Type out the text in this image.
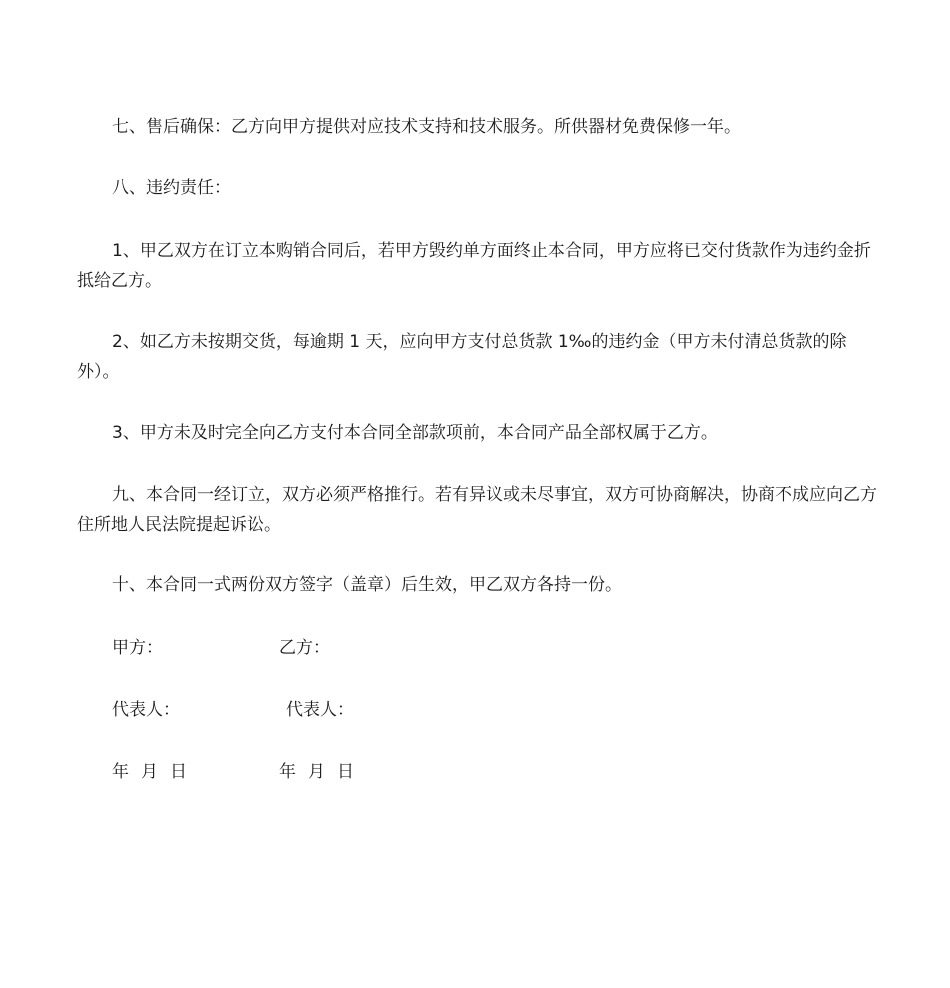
七、售后确保：乙方向甲方提供对应技术支持和技术服务。所供器材免费保修一年。

八、违约责任：

1、甲乙双方在订立本购销合同后，若甲方毁约单方面终止本合同，甲方应将已交付货款作为违约金折抵给乙方。

2、如乙方未按期交货，每逾期 1 天，应向甲方支付总货款 1‰的违约金（甲方未付清总货款的除外）。

3、甲方未及时完全向乙方支付本合同全部款项前，本合同产品全部权属于乙方。

九、本合同一经订立，双方必须严格推行。若有异议或未尽事宜，双方可协商解决，协商不成应向乙方住所地人民法院提起诉讼。

十、本合同一式两份双方签字（盖章）后生效，甲乙双方各持一份。

甲方：	乙方：
代表人：	代表人：
年 月 日	年 月 日
